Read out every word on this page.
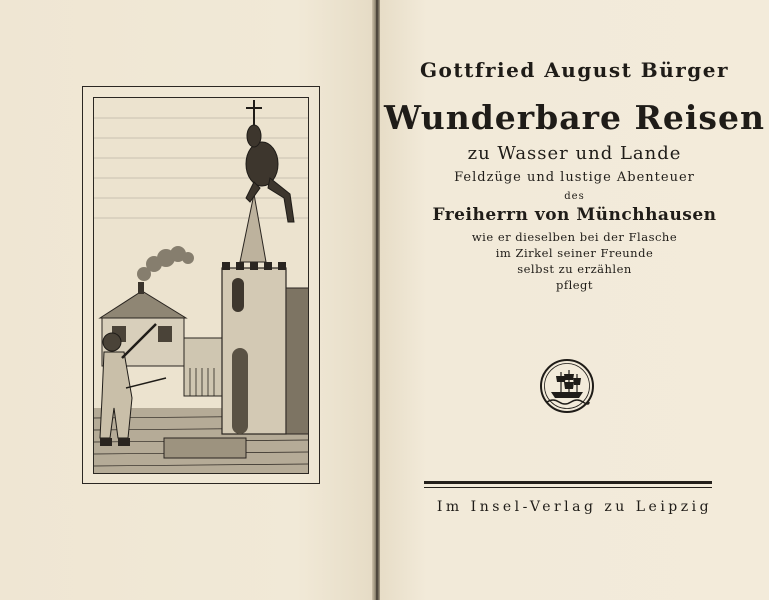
Gottfried August Bürger
Wunderbare Reisen
zu Wasser und Lande
Feldzüge und lustige Abenteuer
des
Freiherrn von Münchhausen
wie er dieselben bei der Flasche
im Zirkel seiner Freunde
selbst zu erzählen
pflegt
Im Insel-Verlag zu Leipzig
